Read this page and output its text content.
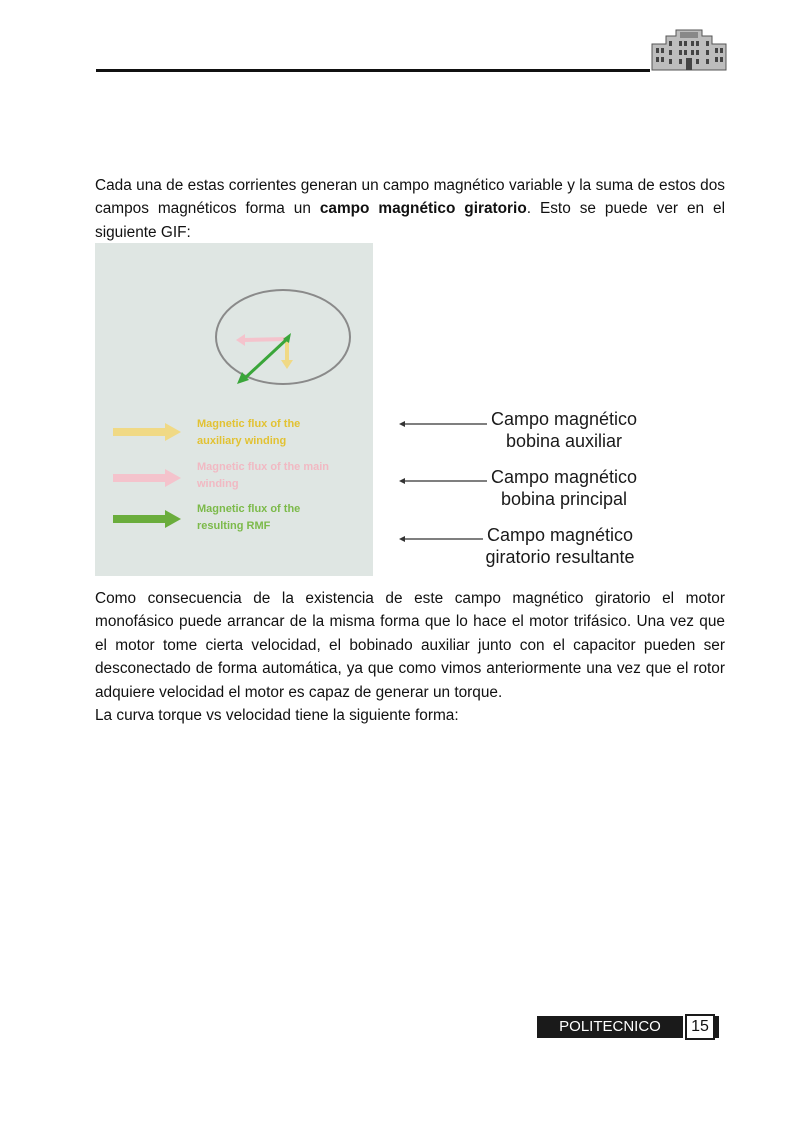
Cada una de estas corrientes generan un campo magnético variable y la suma de estos dos campos magnéticos forma un campo magnético giratorio. Esto se puede ver en el siguiente GIF:

Magnetic flux of the
auxiliary winding
Magnetic flux of the main
winding
Magnetic flux of the
resulting RMF
Campo magnético
bobina auxiliar
Campo magnético
bobina principal
Campo magnético
giratorio resultante

Como consecuencia de la existencia de este campo magnético giratorio el motor monofásico puede arrancar de la misma forma que lo hace el motor trifásico. Una vez que el motor tome cierta velocidad, el bobinado auxiliar junto con el capacitor pueden ser desconectado de forma automática, ya que como vimos anteriormente una vez que el rotor adquiere velocidad el motor es capaz de generar un torque.

La curva torque vs velocidad tiene la siguiente forma:

POLITECNICO	15
